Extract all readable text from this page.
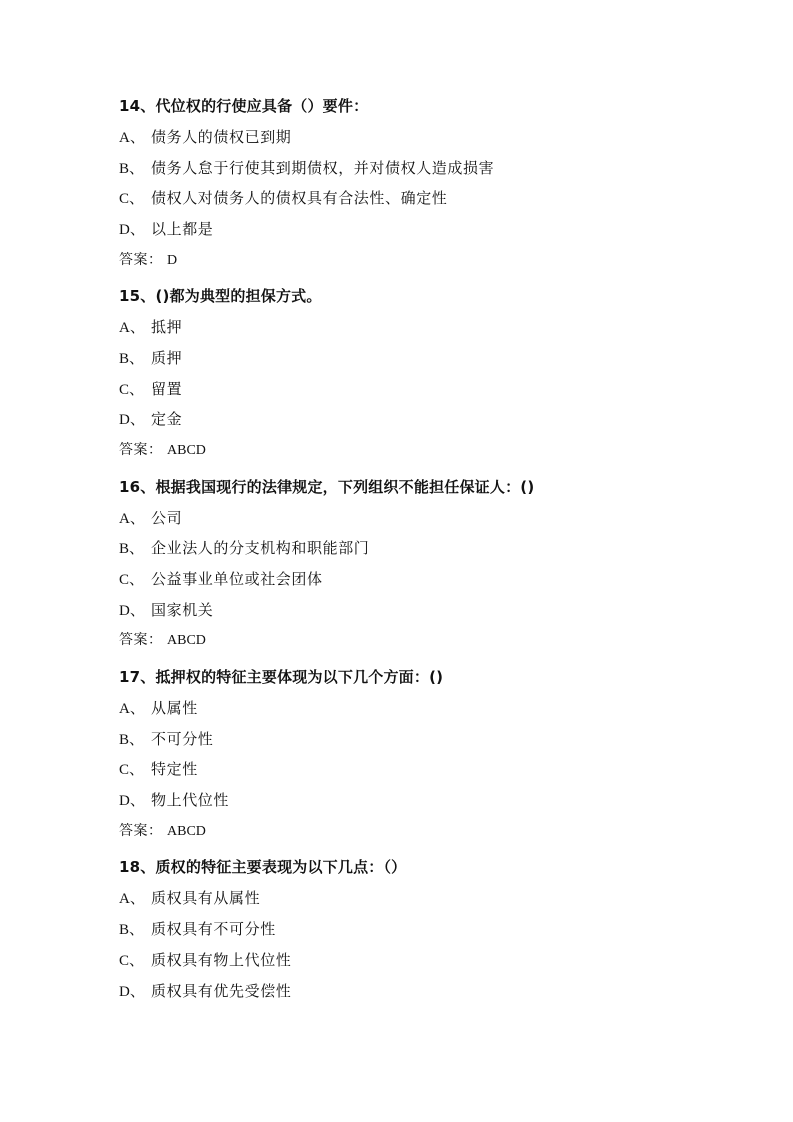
14、代位权的行使应具备（）要件：
A、 债务人的债权已到期
B、 债务人怠于行使其到期债权，并对债权人造成损害
C、 债权人对债务人的债权具有合法性、确定性
D、 以上都是
答案： D
15、()都为典型的担保方式。
A、 抵押
B、 质押
C、 留置
D、 定金
答案： ABCD
16、根据我国现行的法律规定，下列组织不能担任保证人：()
A、 公司
B、 企业法人的分支机构和职能部门
C、 公益事业单位或社会团体
D、 国家机关
答案： ABCD
17、抵押权的特征主要体现为以下几个方面：()
A、 从属性
B、 不可分性
C、 特定性
D、 物上代位性
答案： ABCD
18、质权的特征主要表现为以下几点：（）
A、 质权具有从属性
B、 质权具有不可分性
C、 质权具有物上代位性
D、 质权具有优先受偿性
